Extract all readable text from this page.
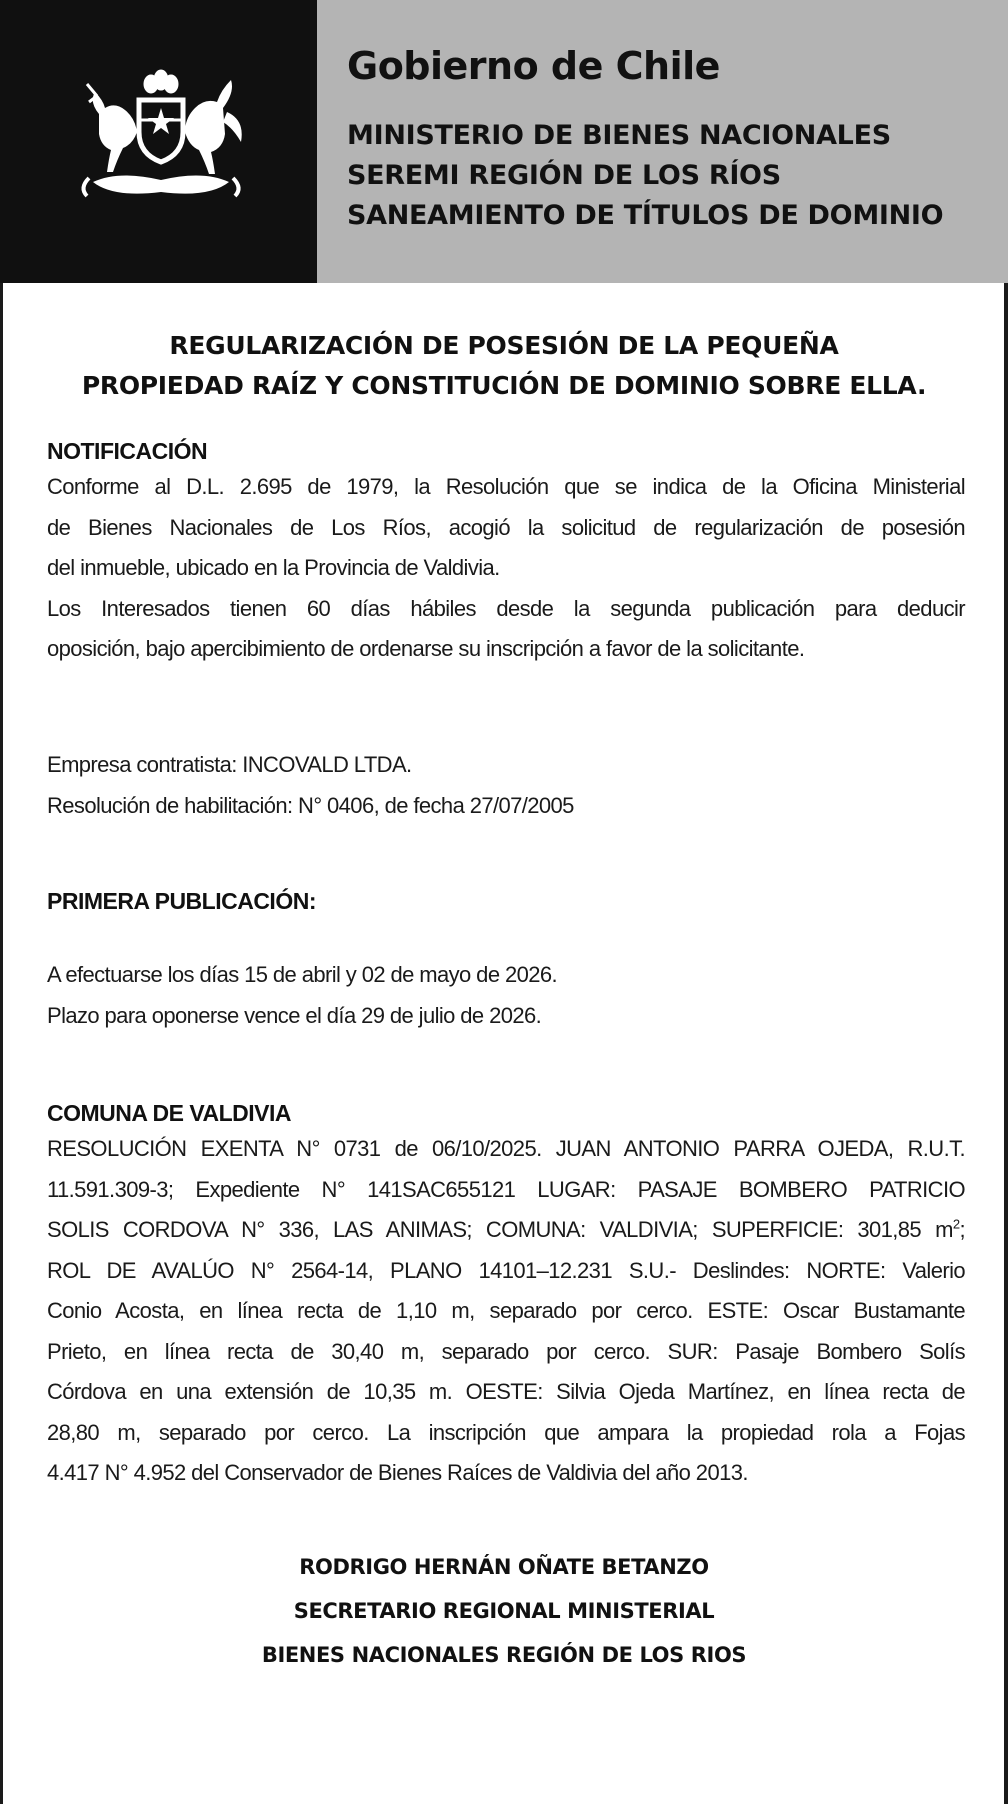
Gobierno de Chile
MINISTERIO DE BIENES NACIONALES
SEREMI REGIÓN DE LOS RÍOS
SANEAMIENTO DE TÍTULOS DE DOMINIO
REGULARIZACIÓN DE POSESIÓN DE LA PEQUEÑA
PROPIEDAD RAÍZ Y CONSTITUCIÓN DE DOMINIO SOBRE ELLA.
NOTIFICACIÓN
Conforme al D.L. 2.695 de 1979, la Resolución que se indica de la Oficina Ministerial
de Bienes Nacionales de Los Ríos, acogió la solicitud de regularización de posesión
del inmueble, ubicado en la Provincia de Valdivia.
Los Interesados tienen 60 días hábiles desde la segunda publicación para deducir
oposición, bajo apercibimiento de ordenarse su inscripción a favor de la solicitante.
Empresa contratista: INCOVALD LTDA.
Resolución de habilitación: N° 0406, de fecha 27/07/2005
PRIMERA PUBLICACIÓN:
A efectuarse los días 15 de abril y 02 de mayo de 2026.
Plazo para oponerse vence el día 29 de julio de 2026.
COMUNA DE VALDIVIA
RESOLUCIÓN EXENTA N° 0731 de 06/10/2025. JUAN ANTONIO PARRA OJEDA, R.U.T.
11.591.309-3; Expediente N° 141SAC655121 LUGAR: PASAJE BOMBERO PATRICIO
SOLIS CORDOVA N° 336, LAS ANIMAS; COMUNA: VALDIVIA; SUPERFICIE: 301,85 $m^2$;
ROL DE AVALÚO N° 2564-14, PLANO 14101–12.231 S.U.- Deslindes: NORTE: Valerio
Conio Acosta, en línea recta de 1,10 m, separado por cerco. ESTE: Oscar Bustamante
Prieto, en línea recta de 30,40 m, separado por cerco. SUR: Pasaje Bombero Solís
Córdova en una extensión de 10,35 m. OESTE: Silvia Ojeda Martínez, en línea recta de
28,80 m, separado por cerco. La inscripción que ampara la propiedad rola a Fojas
4.417 N° 4.952 del Conservador de Bienes Raíces de Valdivia del año 2013.
RODRIGO HERNÁN OÑATE BETANZO
SECRETARIO REGIONAL MINISTERIAL
BIENES NACIONALES REGIÓN DE LOS RIOS
